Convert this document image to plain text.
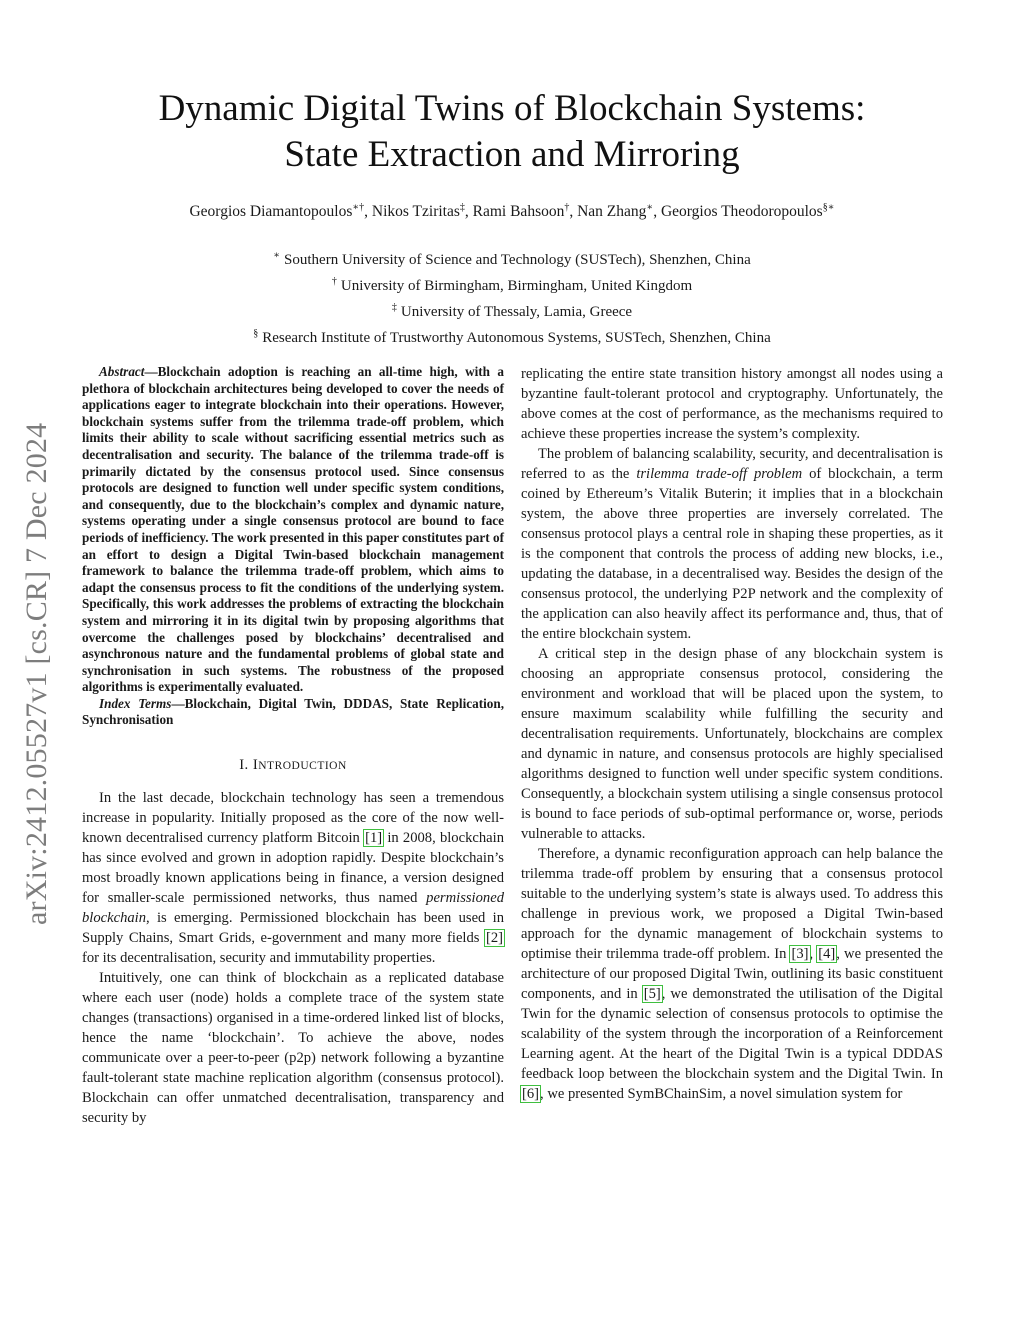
arXiv:2412.05527v1 [cs.CR] 7 Dec 2024
Dynamic Digital Twins of Blockchain Systems:
State Extraction and Mirroring
Georgios Diamantopoulos∗†, Nikos Tziritas‡, Rami Bahsoon†, Nan Zhang∗, Georgios Theodoropoulos§∗
∗ Southern University of Science and Technology (SUSTech), Shenzhen, China
† University of Birmingham, Birmingham, United Kingdom
‡ University of Thessaly, Lamia, Greece
§ Research Institute of Trustworthy Autonomous Systems, SUSTech, Shenzhen, China

Abstract—Blockchain adoption is reaching an all-time high, with a plethora of blockchain architectures being developed to cover the needs of applications eager to integrate blockchain into their operations. However, blockchain systems suffer from the trilemma trade-off problem, which limits their ability to scale without sacrificing essential metrics such as decentralisation and security. The balance of the trilemma trade-off is primarily dictated by the consensus protocol used. Since consensus protocols are designed to function well under specific system conditions, and consequently, due to the blockchain’s complex and dynamic nature, systems operating under a single consensus protocol are bound to face periods of inefficiency. The work presented in this paper constitutes part of an effort to design a Digital Twin-based blockchain management framework to balance the trilemma trade-off problem, which aims to adapt the consensus process to fit the conditions of the underlying system. Specifically, this work addresses the problems of extracting the blockchain system and mirroring it in its digital twin by proposing algorithms that overcome the challenges posed by blockchains’ decentralised and asynchronous nature and the fundamental problems of global state and synchronisation in such systems. The robustness of the proposed algorithms is experimentally evaluated.

Index Terms—Blockchain, Digital Twin, DDDAS, State Replication, Synchronisation

I. INTRODUCTION

In the last decade, blockchain technology has seen a tremendous increase in popularity. Initially proposed as the core of the now well-known decentralised currency platform Bitcoin [1] in 2008, blockchain has since evolved and grown in adoption rapidly. Despite blockchain’s most broadly known applications being in finance, a version designed for smaller-scale permissioned networks, thus named permissioned blockchain, is emerging. Permissioned blockchain has been used in Supply Chains, Smart Grids, e-government and many more fields [2] for its decentralisation, security and immutability properties.

Intuitively, one can think of blockchain as a replicated database where each user (node) holds a complete trace of the system state changes (transactions) organised in a time-ordered linked list of blocks, hence the name ‘blockchain’. To achieve the above, nodes communicate over a peer-to-peer (p2p) network following a byzantine fault-tolerant state machine replication algorithm (consensus protocol). Blockchain can offer unmatched decentralisation, transparency and security by

replicating the entire state transition history amongst all nodes using a byzantine fault-tolerant protocol and cryptography. Unfortunately, the above comes at the cost of performance, as the mechanisms required to achieve these properties increase the system’s complexity.

The problem of balancing scalability, security, and decentralisation is referred to as the trilemma trade-off problem of blockchain, a term coined by Ethereum’s Vitalik Buterin; it implies that in a blockchain system, the above three properties are inversely correlated. The consensus protocol plays a central role in shaping these properties, as it is the component that controls the process of adding new blocks, i.e., updating the database, in a decentralised way. Besides the design of the consensus protocol, the underlying P2P network and the complexity of the application can also heavily affect its performance and, thus, that of the entire blockchain system.

A critical step in the design phase of any blockchain system is choosing an appropriate consensus protocol, considering the environment and workload that will be placed upon the system, to ensure maximum scalability while fulfilling the security and decentralisation requirements. Unfortunately, blockchains are complex and dynamic in nature, and consensus protocols are highly specialised algorithms designed to function well under specific system conditions. Consequently, a blockchain system utilising a single consensus protocol is bound to face periods of sub-optimal performance or, worse, periods vulnerable to attacks.

Therefore, a dynamic reconfiguration approach can help balance the trilemma trade-off problem by ensuring that a consensus protocol suitable to the underlying system’s state is always used. To address this challenge in previous work, we proposed a Digital Twin-based approach for the dynamic management of blockchain systems to optimise their trilemma trade-off problem. In [3], [4], we presented the architecture of our proposed Digital Twin, outlining its basic constituent components, and in [5], we demonstrated the utilisation of the Digital Twin for the dynamic selection of consensus protocols to optimise the scalability of the system through the incorporation of a Reinforcement Learning agent. At the heart of the Digital Twin is a typical DDDAS feedback loop between the blockchain system and the Digital Twin. In [6], we presented SymBChainSim, a novel simulation system for
